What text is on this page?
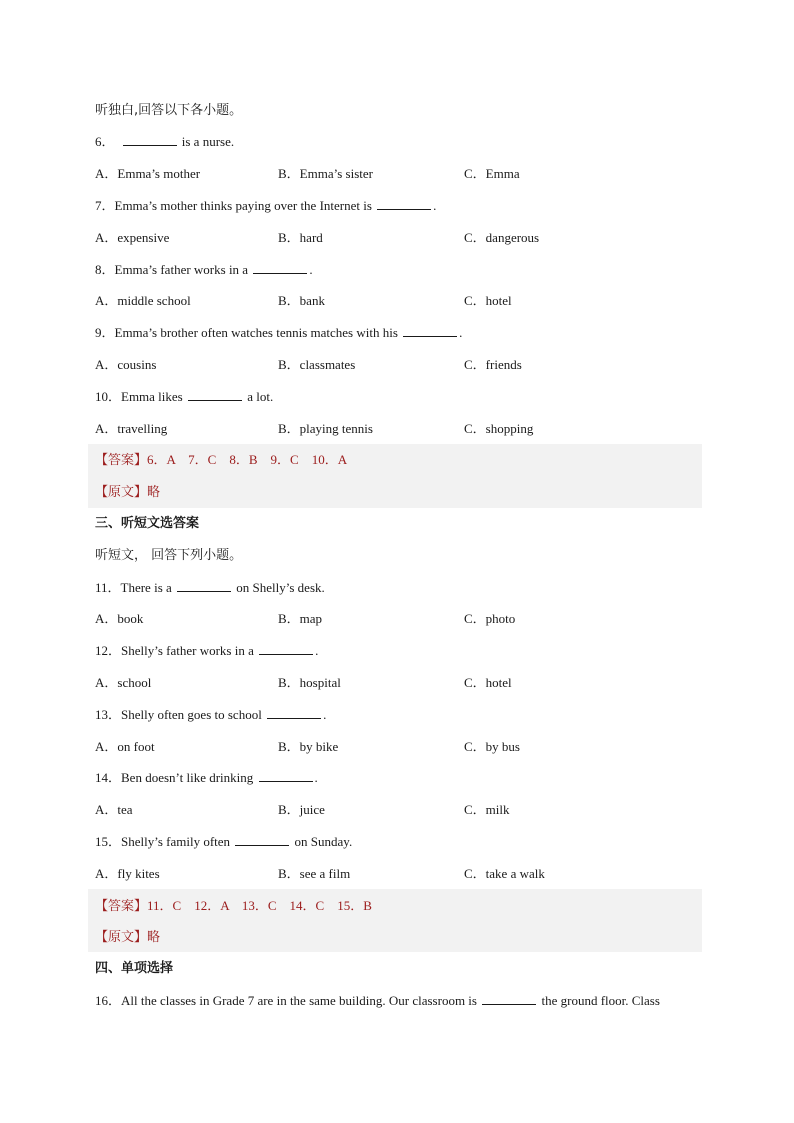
听独白,回答以下各小题。
6．	is a nurse.
A．Emma’s mother	B．Emma’s sister	C．Emma
7．Emma’s mother thinks paying over the Internet is	.
A．expensive	B．hard	C．dangerous
8．Emma’s father works in a	.
A．middle school	B．bank	C．hotel
9．Emma’s brother often watches tennis matches with his	.
A．cousins	B．classmates	C．friends
10．Emma likes	a lot.
A．travelling	B．playing tennis	C．shopping
【答案】6．A　7．C　8．B　9．C　10．A
【原文】略
三、听短文选答案
听短文， 回答下列小题。
11．There is a	on Shelly’s desk.
A．book	B．map	C．photo
12．Shelly’s father works in a	.
A．school	B．hospital	C．hotel
13．Shelly often goes to school	.
A．on foot	B．by bike	C．by bus
14．Ben doesn’t like drinking	.
A．tea	B．juice	C．milk
15．Shelly’s family often	on Sunday.
A．fly kites	B．see a film	C．take a walk
【答案】11．C　12．A　13．C　14．C　15．B
【原文】略
四、单项选择
16．All the classes in Grade 7 are in the same building. Our classroom is	the ground floor. Class
